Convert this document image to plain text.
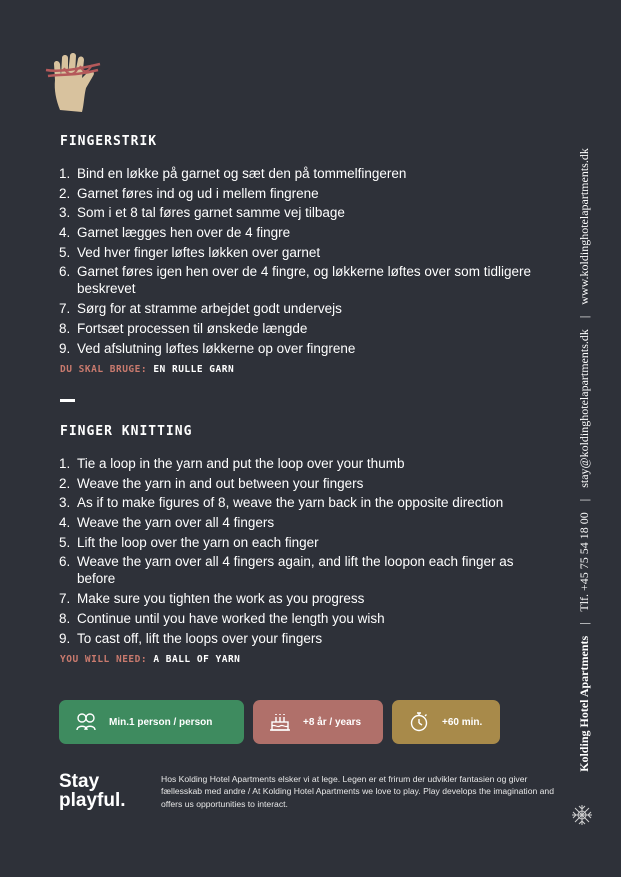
FINGERSTRIK
1. Bind en løkke på garnet og sæt den på tommelfingeren
2. Garnet føres ind og ud i mellem fingrene
3. Som i et 8 tal føres garnet samme vej tilbage
4. Garnet lægges hen over de 4 fingre
5. Ved hver finger løftes løkken over garnet
6. Garnet føres igen hen over de 4 fingre, og løkkerne løftes over som tidligere beskrevet
7. Sørg for at stramme arbejdet godt undervejs
8. Fortsæt processen til ønskede længde
9. Ved afslutning løftes løkkerne op over fingrene
DU SKAL BRUGE: EN RULLE GARN
FINGER KNITTING
1. Tie a loop in the yarn and put the loop over your thumb
2. Weave the yarn in and out between your fingers
3. As if to make figures of 8, weave the yarn back in the opposite direction
4. Weave the yarn over all 4 fingers
5. Lift the loop over the yarn on each finger
6. Weave the yarn over all 4 fingers again, and lift the loopon each finger as before
7. Make sure you tighten the work as you progress
8. Continue until you have worked the length you wish
9. To cast off, lift the loops over your fingers
YOU WILL NEED: A BALL OF YARN
Min.1 person / person	+8 år / years	+60 min.
Stay
playful.
Hos Kolding Hotel Apartments elsker vi at lege. Legen er et frirum der udvikler fantasien og giver fællesskab med andre / At Kolding Hotel Apartments we love to play. Play develops the imagination and offers us opportunities to interact.
Kolding Hotel Apartments | Tlf. +45 75 54 18 00 | stay@koldinghotelapartments.dk | www.koldinghotelapartments.dk
